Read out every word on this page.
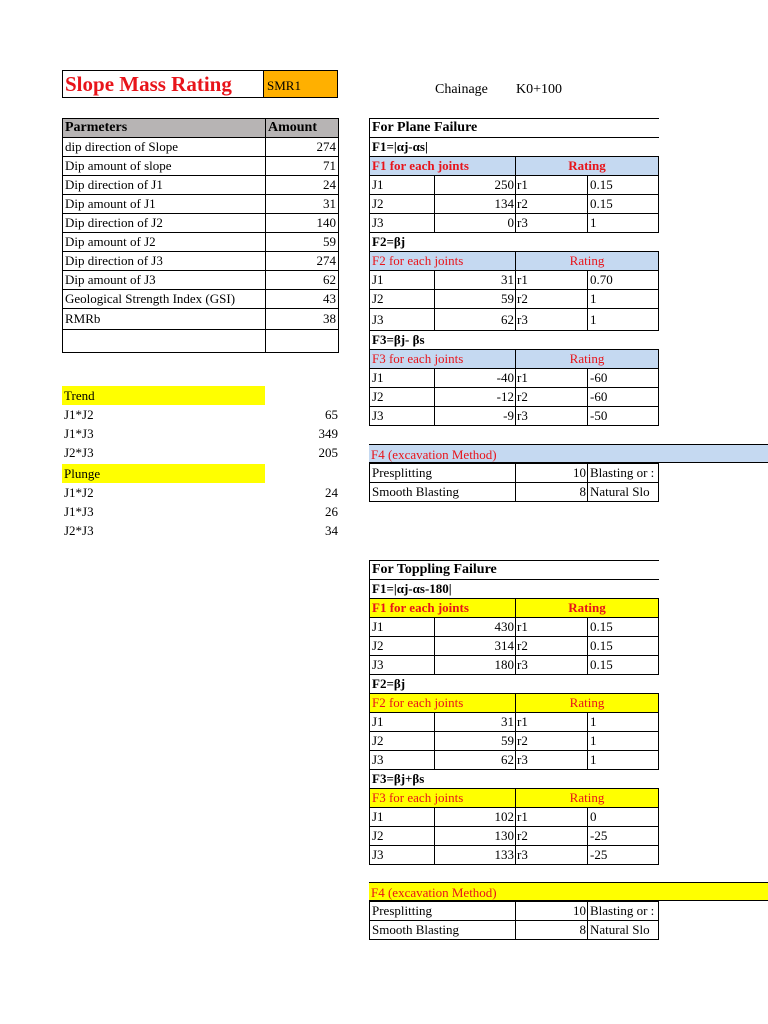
Slope Mass Rating	SMR1	Chainage K0+100
Parmeters	Amount
dip direction of Slope	274
Dip amount of slope	71
Dip direction of J1	24
Dip amount of J1	31
Dip direction of J2	140
Dip amount of J2	59
Dip direction of J3	274
Dip amount of J3	62
Geological Strength Index (GSI)	43
RMRb	38

Trend
J1*J2	65
J1*J3	349
J2*J3	205
Plunge
J1*J2	24
J1*J3	26
J2*J3	34
For Plane Failure			
F1=|αj-αs|			
F1 for each joints		Rating	
J1	250	r1	0.15
J2	134	r2	0.15
J3	0	r3	1
F2=βj			
F2 for each joints		Rating	
J1	31	r1	0.70
J2	59	r2	1
J3	62	r3	1
F3=βj- βs			
F3 for each joints		Rating	
J1	-40	r1	-60
J2	-12	r2	-60
J3	-9	r3	-50
F4 (excavation Method)
Presplitting	10	Blasting or :
Smooth Blasting	8	Natural Slo
For Toppling Failure			
F1=|αj-αs-180|			
F1 for each joints		Rating	
J1	430	r1	0.15
J2	314	r2	0.15
J3	180	r3	0.15
F2=βj			
F2 for each joints		Rating	
J1	31	r1	1
J2	59	r2	1
J3	62	r3	1
F3=βj+βs			
F3 for each joints		Rating	
J1	102	r1	0
J2	130	r2	-25
J3	133	r3	-25
F4 (excavation Method)
Presplitting	10	Blasting or :
Smooth Blasting	8	Natural Slo
